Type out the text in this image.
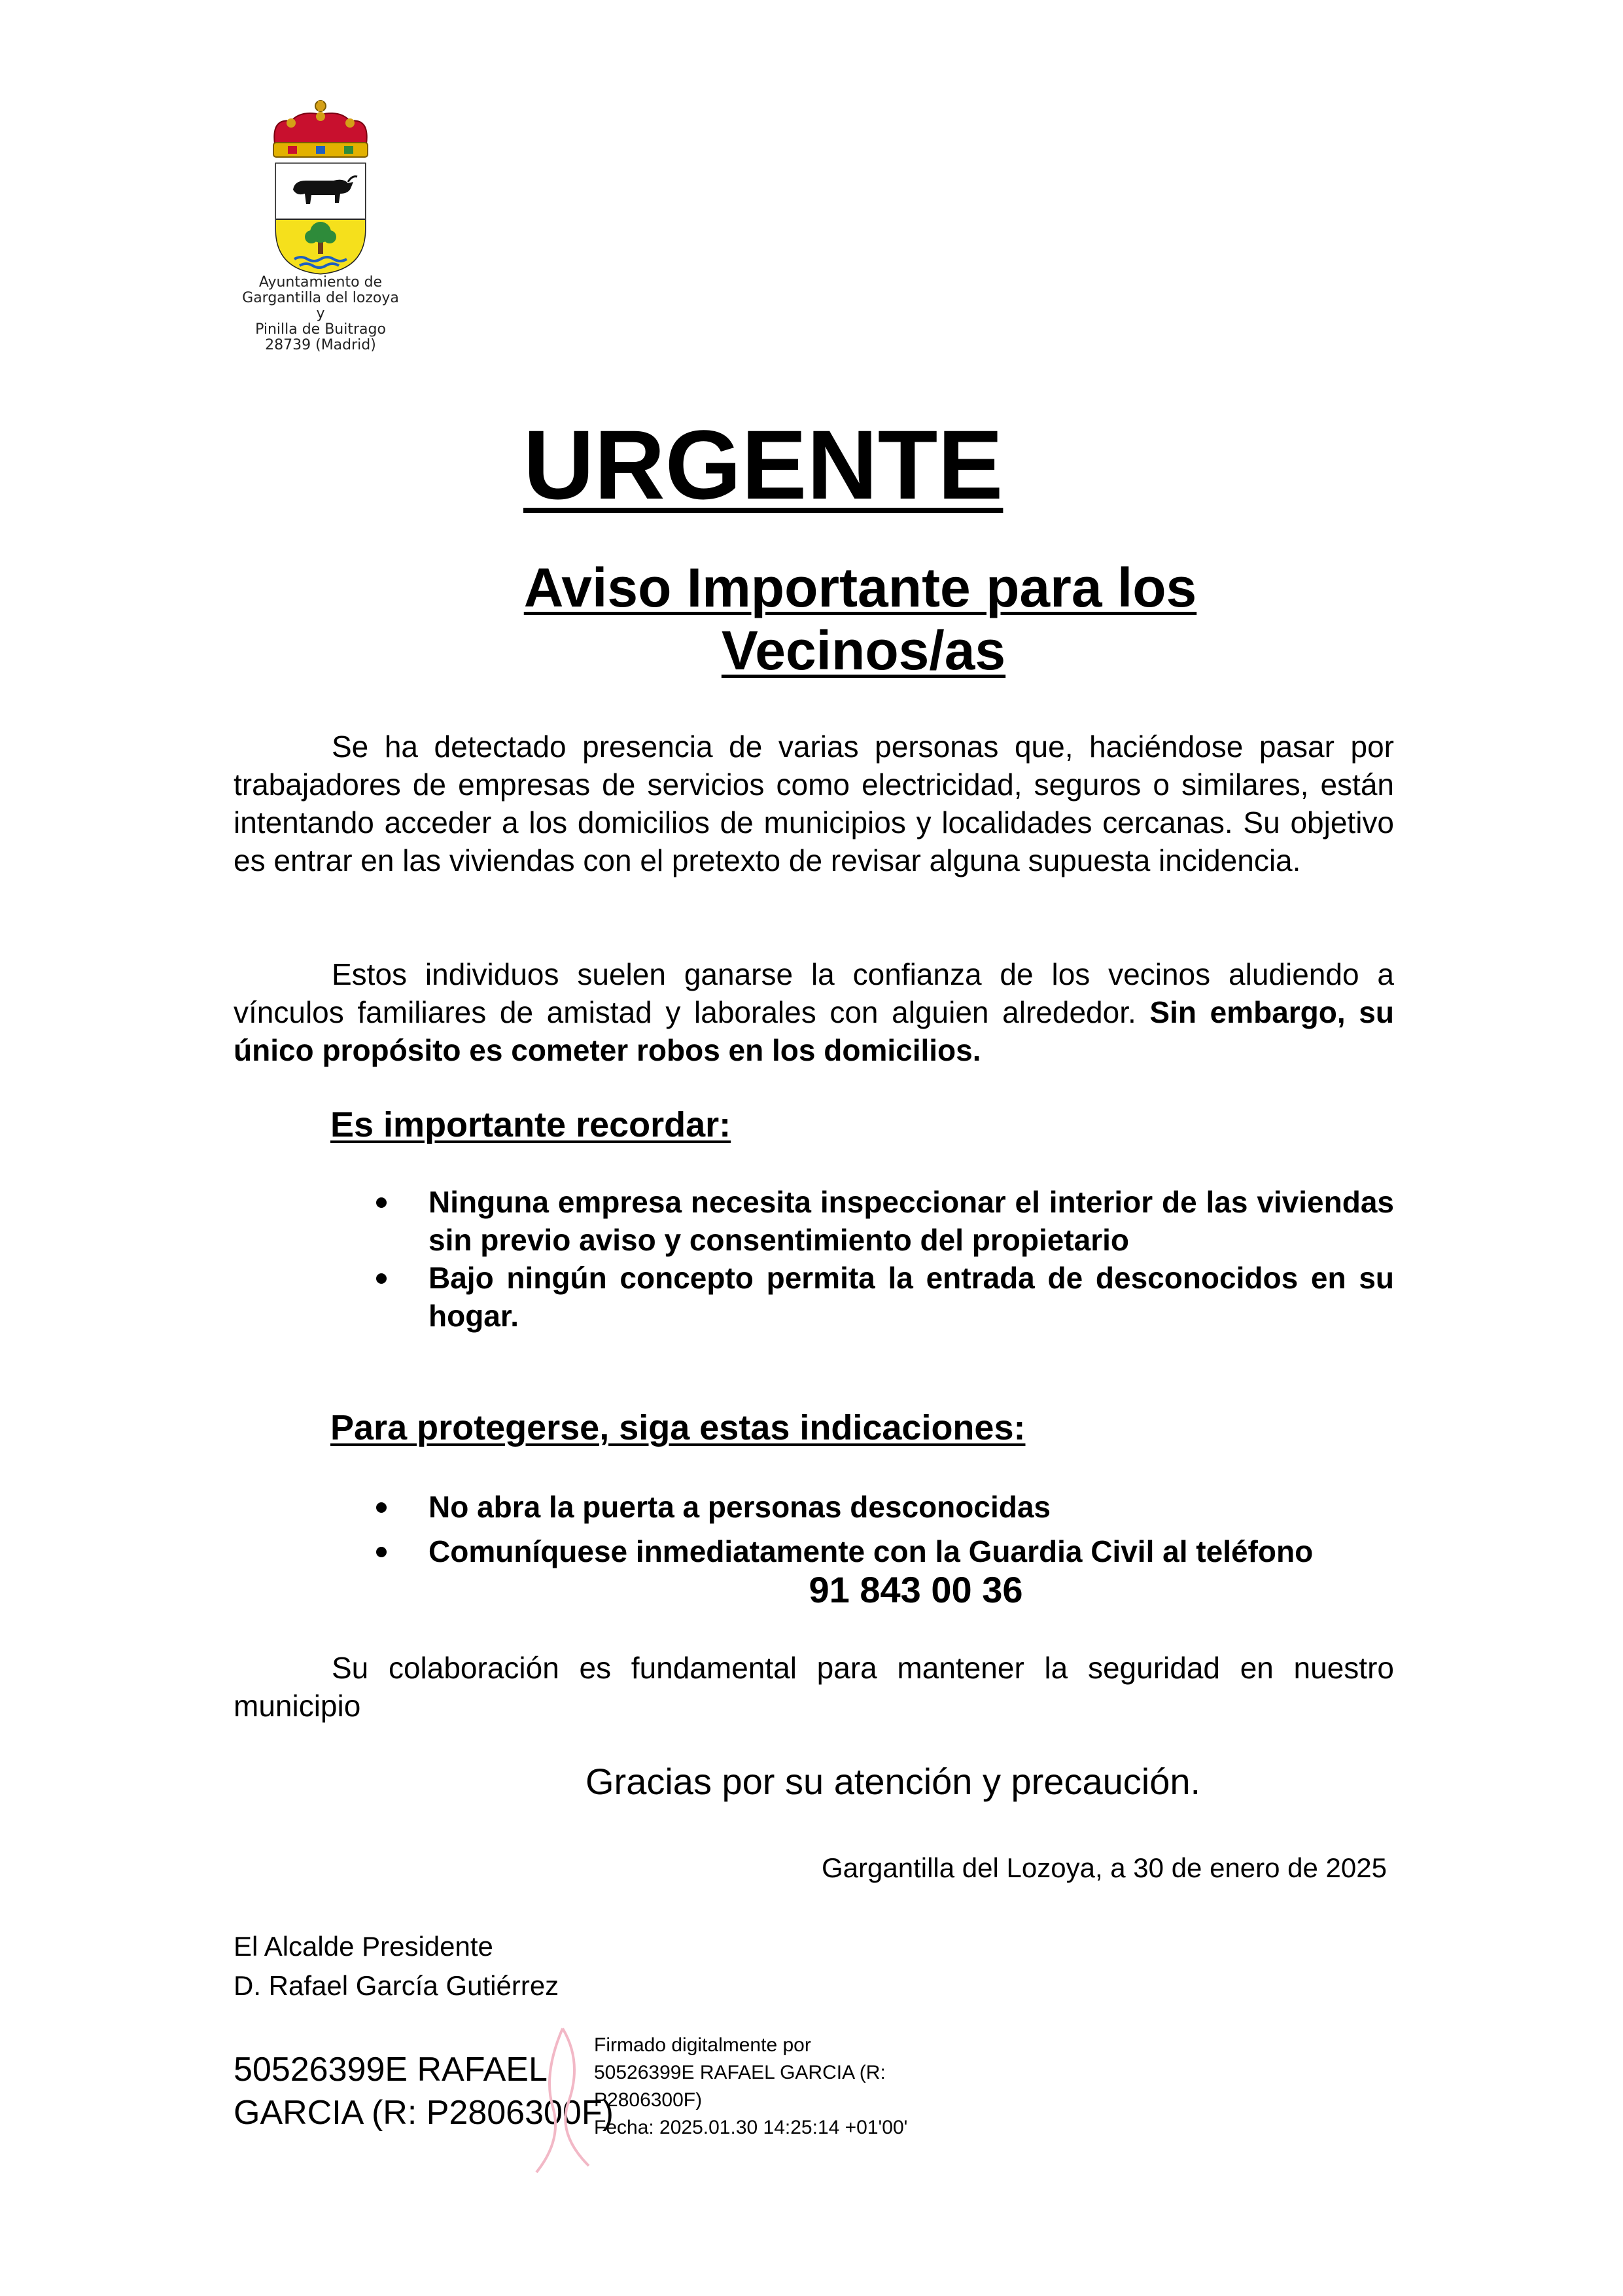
Ayuntamiento de
Gargantilla del lozoya
y
Pinilla de Buitrago
28739 (Madrid)
URGENTE
Aviso Importante para los
Vecinos/as
Se ha detectado presencia de varias personas que, haciéndose pasar por trabajadores de empresas de servicios como electricidad, seguros o similares, están intentando acceder a los domicilios de municipios y localidades cercanas. Su objetivo es entrar en las viviendas con el pretexto de revisar alguna supuesta incidencia.
Estos individuos suelen ganarse la confianza de los vecinos aludiendo a vínculos familiares de amistad y laborales con alguien alrededor. Sin embargo, su único propósito es cometer robos en los domicilios.
Es importante recordar:
Ninguna empresa necesita inspeccionar el interior de las viviendas sin previo aviso y consentimiento del propietario
Bajo ningún concepto permita la entrada de desconocidos en su hogar.
Para protegerse, siga estas indicaciones:
No abra la puerta a personas desconocidas
Comuníquese inmediatamente con la Guardia Civil al teléfono
91 843 00 36
Su colaboración es fundamental para mantener la seguridad en nuestro municipio
Gracias por su atención y precaución.
Gargantilla del Lozoya, a 30 de enero de 2025
El Alcalde Presidente
D. Rafael García Gutiérrez
50526399E RAFAEL
GARCIA (R: P2806300F)
Firmado digitalmente por
50526399E RAFAEL GARCIA (R:
P2806300F)
Fecha: 2025.01.30 14:25:14 +01'00'
